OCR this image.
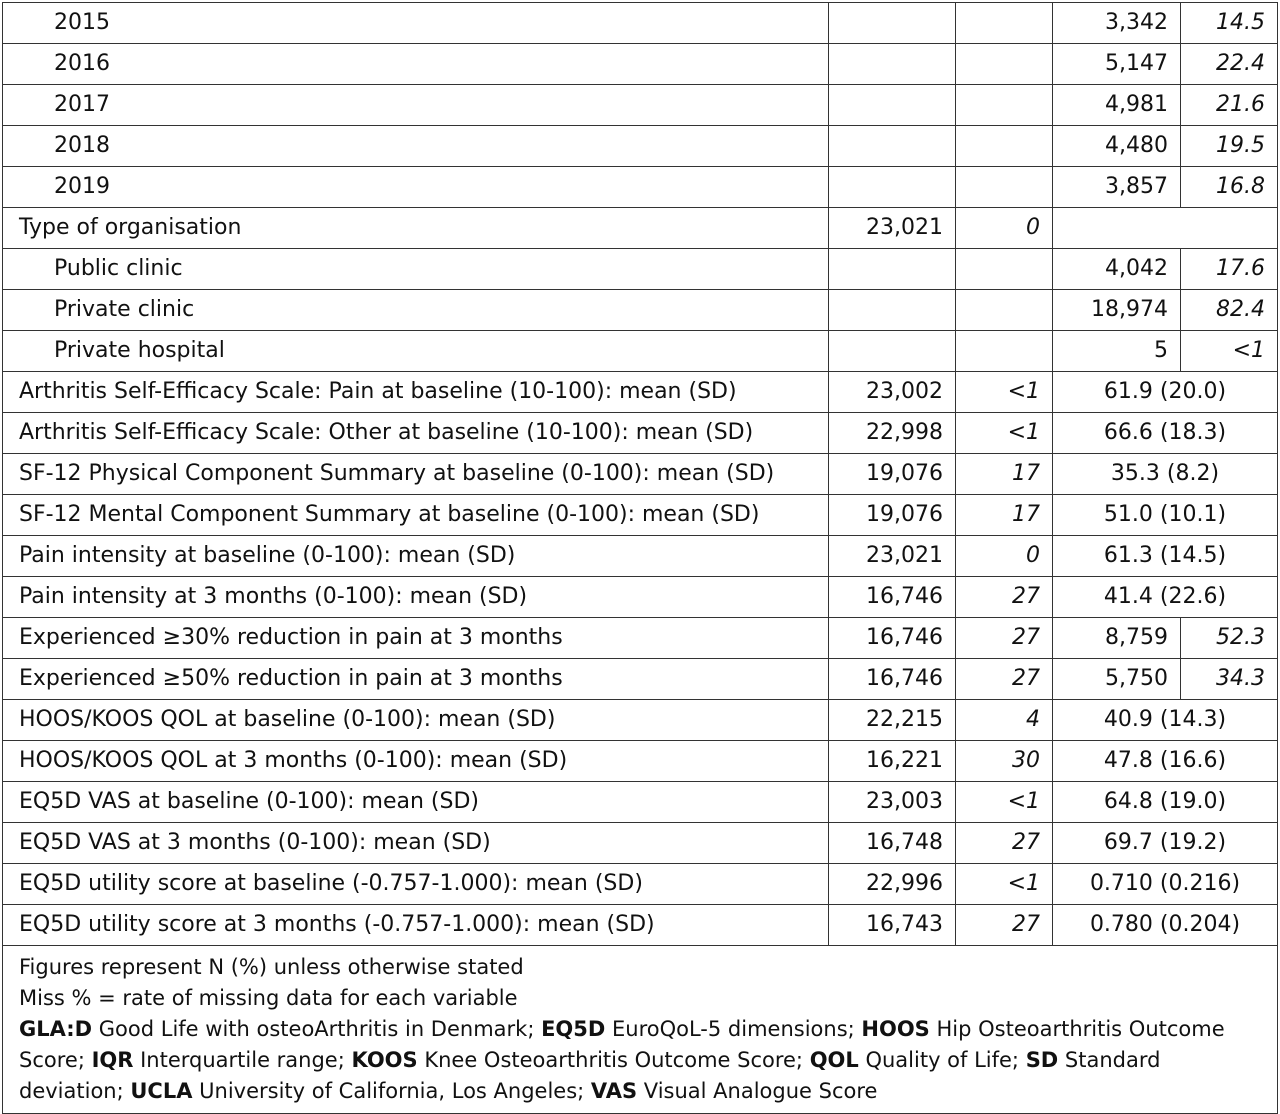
2015			3,342	14.5
2016			5,147	22.4
2017			4,981	21.6
2018			4,480	19.5
2019			3,857	16.8
Type of organisation	23,021	0		
Public clinic			4,042	17.6
Private clinic			18,974	82.4
Private hospital			5	<1
Arthritis Self-Efficacy Scale: Pain at baseline (10-100): mean (SD)	23,002	<1	61.9 (20.0)	
Arthritis Self-Efficacy Scale: Other at baseline (10-100): mean (SD)	22,998	<1	66.6 (18.3)	
SF-12 Physical Component Summary at baseline (0-100): mean (SD)	19,076	17	35.3 (8.2)	
SF-12 Mental Component Summary at baseline (0-100): mean (SD)	19,076	17	51.0 (10.1)	
Pain intensity at baseline (0-100): mean (SD)	23,021	0	61.3 (14.5)	
Pain intensity at 3 months (0-100): mean (SD)	16,746	27	41.4 (22.6)	
Experienced ≥30% reduction in pain at 3 months	16,746	27	8,759	52.3
Experienced ≥50% reduction in pain at 3 months	16,746	27	5,750	34.3
HOOS/KOOS QOL at baseline (0-100): mean (SD)	22,215	4	40.9 (14.3)	
HOOS/KOOS QOL at 3 months (0-100): mean (SD)	16,221	30	47.8 (16.6)	
EQ5D VAS at baseline (0-100): mean (SD)	23,003	<1	64.8 (19.0)	
EQ5D VAS at 3 months (0-100): mean (SD)	16,748	27	69.7 (19.2)	
EQ5D utility score at baseline (-0.757-1.000): mean (SD)	22,996	<1	0.710 (0.216)	
EQ5D utility score at 3 months (-0.757-1.000): mean (SD)	16,743	27	0.780 (0.204)	

Figures represent N (%) unless otherwise stated

Miss % = rate of missing data for each variable

GLA:D Good Life with osteoArthritis in Denmark; EQ5D EuroQoL-5 dimensions; HOOS Hip Osteoarthritis Outcome Score; IQR Interquartile range; KOOS Knee Osteoarthritis Outcome Score; QOL Quality of Life; SD Standard deviation; UCLA University of California, Los Angeles; VAS Visual Analogue Score				
